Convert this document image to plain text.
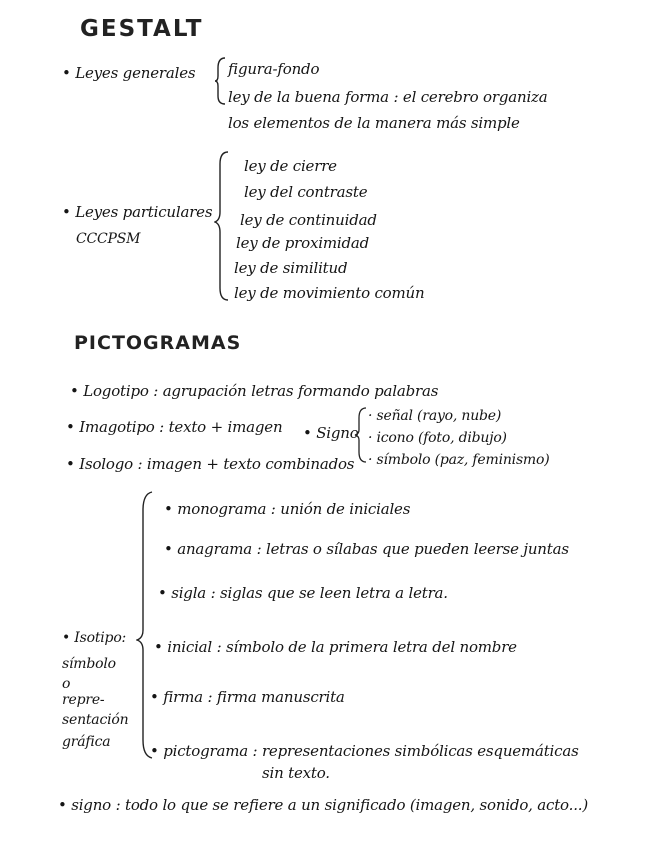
GESTALT
• Leyes generales figura-fondo
ley de la buena forma : el cerebro organiza
los elementos de la manera más simple
• Leyes particulares
CCCPSM
ley de cierre
ley del contraste
ley de continuidad
ley de proximidad
ley de similitud
ley de movimiento común
PICTOGRAMAS
• Logotipo : agrupación letras formando palabras
• Imagotipo : texto + imagen • Signo
· señal (rayo, nube)
· icono (foto, dibujo)
· símbolo (paz, feminismo)
• Isologo : imagen + texto combinados
• Isotipo:
símbolo
o
repre-
sentación
gráfica
• monograma : unión de iniciales
• anagrama : letras o sílabas que pueden leerse juntas
• sigla : siglas que se leen letra a letra.
• inicial : símbolo de la primera letra del nombre
• firma : firma manuscrita
• pictograma : representaciones simbólicas esquemáticas
sin texto.
• signo : todo lo que se refiere a un significado (imagen, sonido, acto...)
